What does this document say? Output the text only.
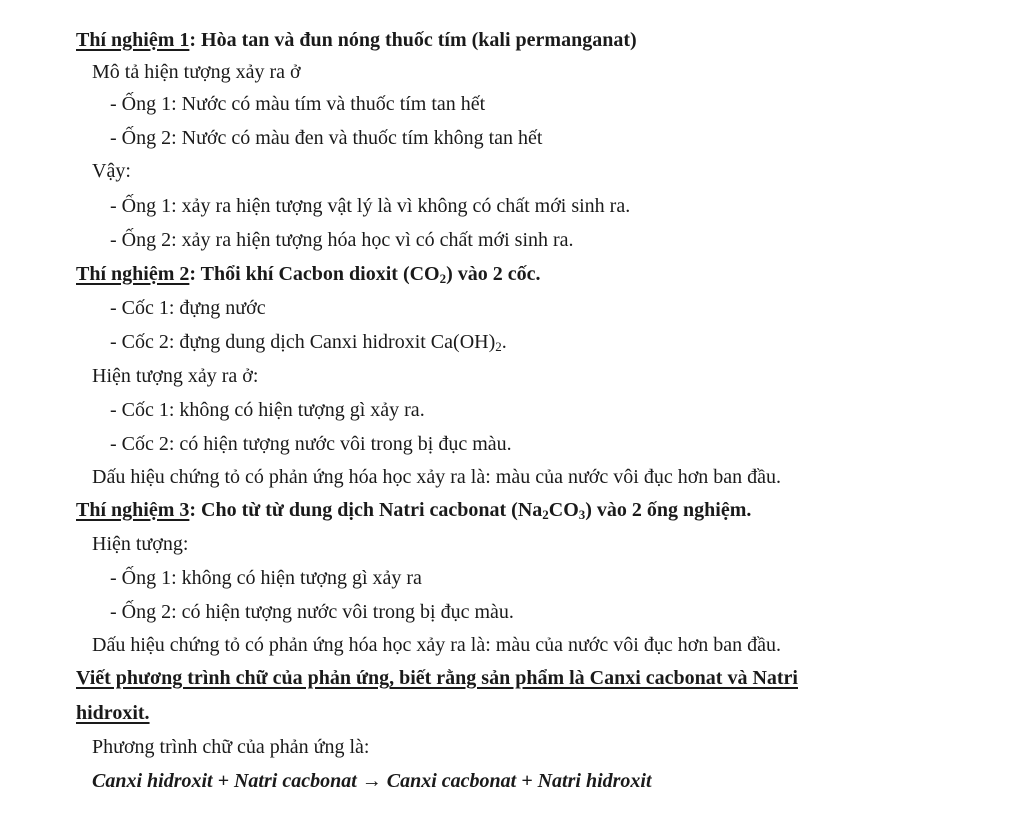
Thí nghiệm 1: Hòa tan và đun nóng thuốc tím (kali permanganat)
Mô tả hiện tượng xảy ra ở
- Ống 1: Nước có màu tím và thuốc tím tan hết
- Ống 2: Nước có màu đen và thuốc tím không tan hết
Vậy:
- Ống 1: xảy ra hiện tượng vật lý là vì không có chất mới sinh ra.
- Ống 2: xảy ra hiện tượng hóa học vì có chất mới sinh ra.
Thí nghiệm 2: Thổi khí Cacbon dioxit $(CO_2)$ vào 2 cốc.
- Cốc 1: đựng nước
- Cốc 2: đựng dung dịch Canxi hidroxit $Ca(OH)_2$.
Hiện tượng xảy ra ở:
- Cốc 1: không có hiện tượng gì xảy ra.
- Cốc 2: có hiện tượng nước vôi trong bị đục màu.
Dấu hiệu chứng tỏ có phản ứng hóa học xảy ra là: màu của nước vôi đục hơn ban đầu.
Thí nghiệm 3: Cho từ từ dung dịch Natri cacbonat $(Na_2CO_3)$ vào 2 ống nghiệm.
Hiện tượng:
- Ống 1: không có hiện tượng gì xảy ra
- Ống 2: có hiện tượng nước vôi trong bị đục màu.
Dấu hiệu chứng tỏ có phản ứng hóa học xảy ra là: màu của nước vôi đục hơn ban đầu.
Viết phương trình chữ của phản ứng, biết rằng sản phẩm là Canxi cacbonat và Natri
hidroxit.
Phương trình chữ của phản ứng là:
Canxi hidroxit + Natri cacbonat → Canxi cacbonat + Natri hidroxit
